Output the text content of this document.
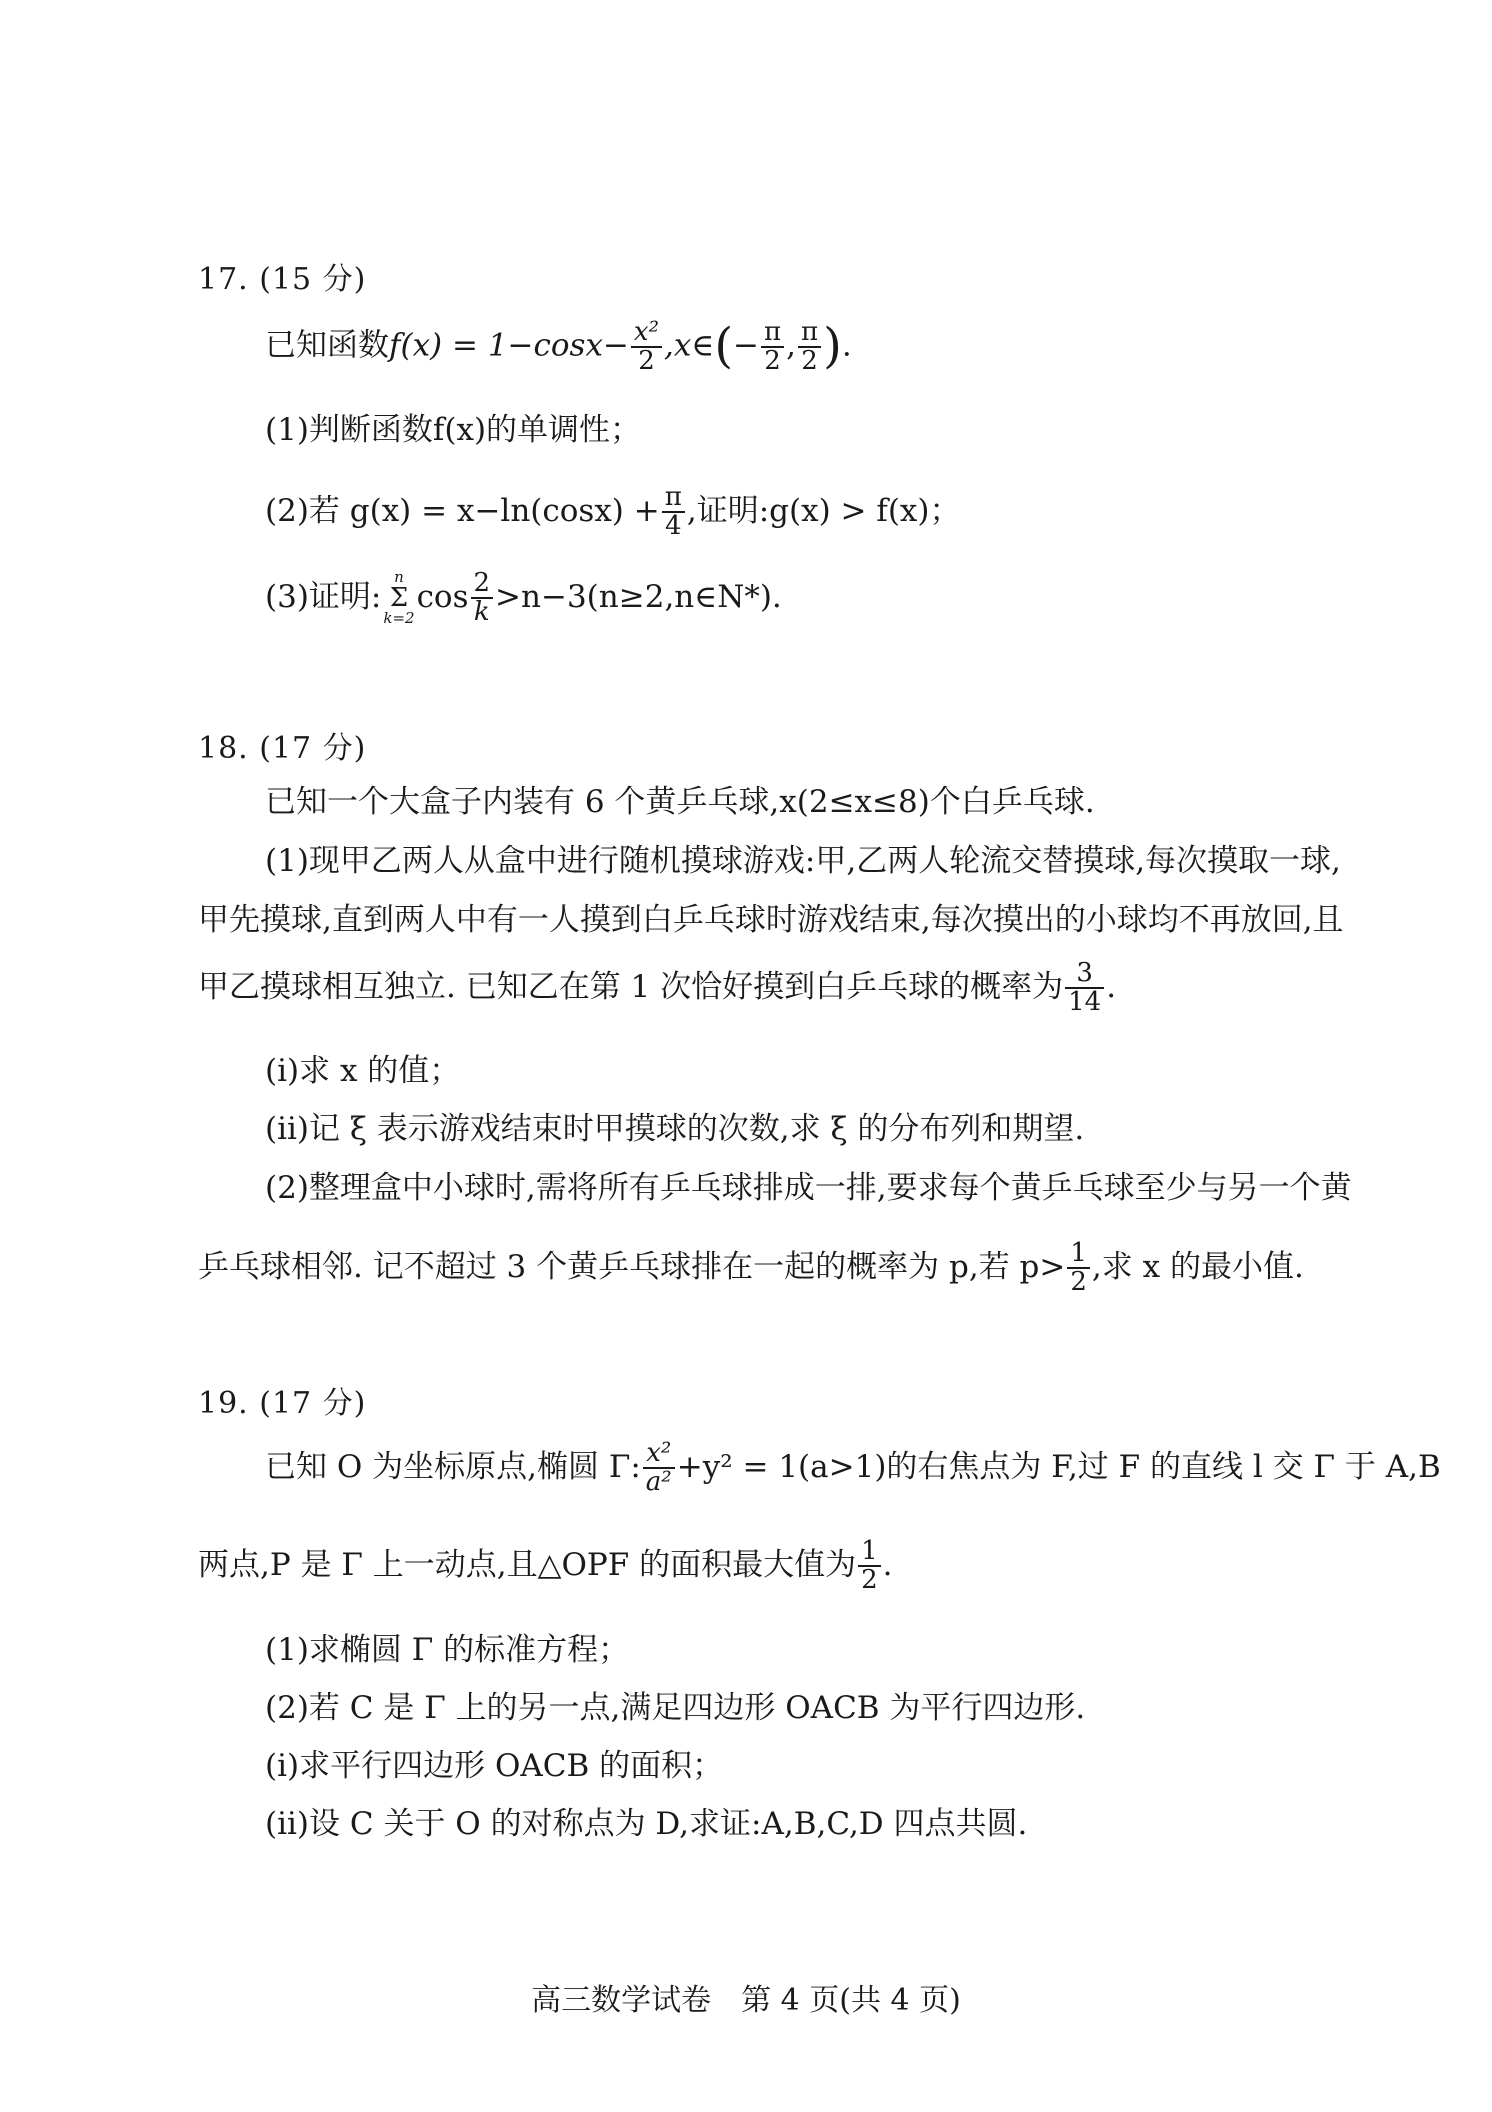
17. (15 分)
已知函数$f(x) = 1-\cos x- \frac{\text{x²}}{2}$ ,x∈(− $\frac{\pi}{2}$ , $\frac{\pi}{2}$ ).
(1)判断函数f(x)的单调性；
(2)若 $g(x) = x-\ln(\cos x) + \frac{\pi}{4}$ ,证明:g(x) > f(x)；
(3)证明:
n
Σ
k=2
$\cos \frac{2}{k}$ >n−3(n≥2,n∈N*).
18. (17 分)
已知一个大盒子内装有 6 个黄乒乓球,x(2≤x≤8)个白乒乓球.
(1)现甲乙两人从盒中进行随机摸球游戏:甲,乙两人轮流交替摸球,每次摸取一球,
甲先摸球,直到两人中有一人摸到白乒乓球时游戏结束,每次摸出的小球均不再放回,且
甲乙摸球相互独立. 已知乙在第 1 次恰好摸到白乒乓球的概率为 $\frac{3}{14}$ .
(i)求 x 的值；
(ii)记 ξ 表示游戏结束时甲摸球的次数,求 ξ 的分布列和期望.
(2)整理盒中小球时,需将所有乒乓球排成一排,要求每个黄乒乓球至少与另一个黄
乒乓球相邻. 记不超过 3 个黄乒乓球排在一起的概率为 p,若 $p> \frac{1}{2}$ ,求 x 的最小值.
19. (17 分)
已知 O 为坐标原点,椭圆 Γ: $\frac{\text{x²}}{\text{a²}} +y^2 = 1(a>1)$的右焦点为 F,过 F 的直线 l 交 Γ 于 A,B
两点,P 是 Γ 上一动点,且△OPF 的面积最大值为 $\frac{1}{2}$ .
(1)求椭圆 Γ 的标准方程；
(2)若 C 是 Γ 上的另一点,满足四边形 OACB 为平行四边形.
(i)求平行四边形 OACB 的面积；
(ii)设 C 关于 O 的对称点为 D,求证:A,B,C,D 四点共圆.
高三数学试卷　第 4 页(共 4 页)
